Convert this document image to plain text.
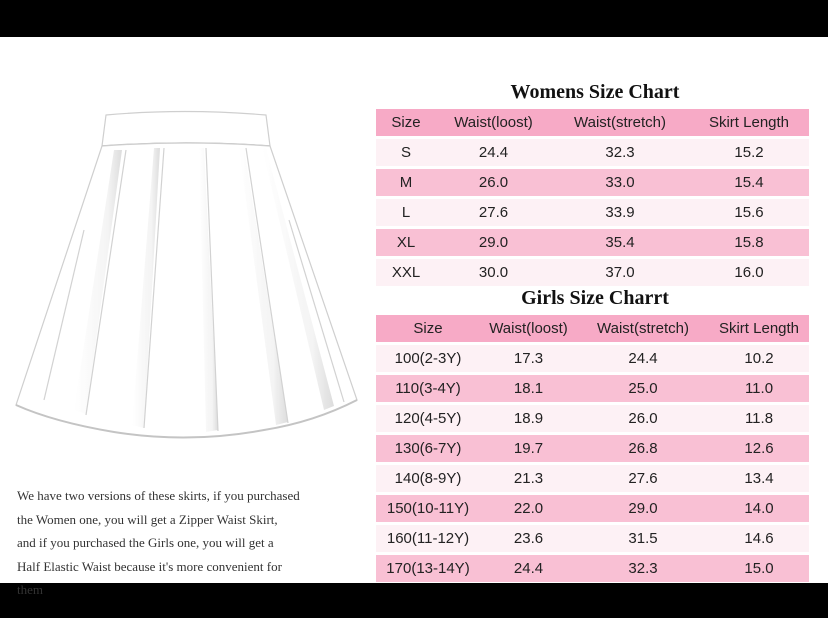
We have two versions of these skirts, if you purchased
the Women one, you will get a Zipper Waist Skirt,
and if you purchased the Girls one, you will get a
Half Elastic Waist because it's more convenient for
them
Womens Size Chart
Size	Waist(loost)	Waist(stretch)	Skirt Length

S	24.4	32.3	15.2

M	26.0	33.0	15.4

L	27.6	33.9	15.6

XL	29.0	35.4	15.8

XXL	30.0	37.0	16.0
Girls Size Charrt
Size	Waist(loost)	Waist(stretch)	Skirt Length

100(2-3Y)	17.3	24.4	10.2

110(3-4Y)	18.1	25.0	11.0

120(4-5Y)	18.9	26.0	11.8

130(6-7Y)	19.7	26.8	12.6

140(8-9Y)	21.3	27.6	13.4

150(10-11Y)	22.0	29.0	14.0

160(11-12Y)	23.6	31.5	14.6

170(13-14Y)	24.4	32.3	15.0
